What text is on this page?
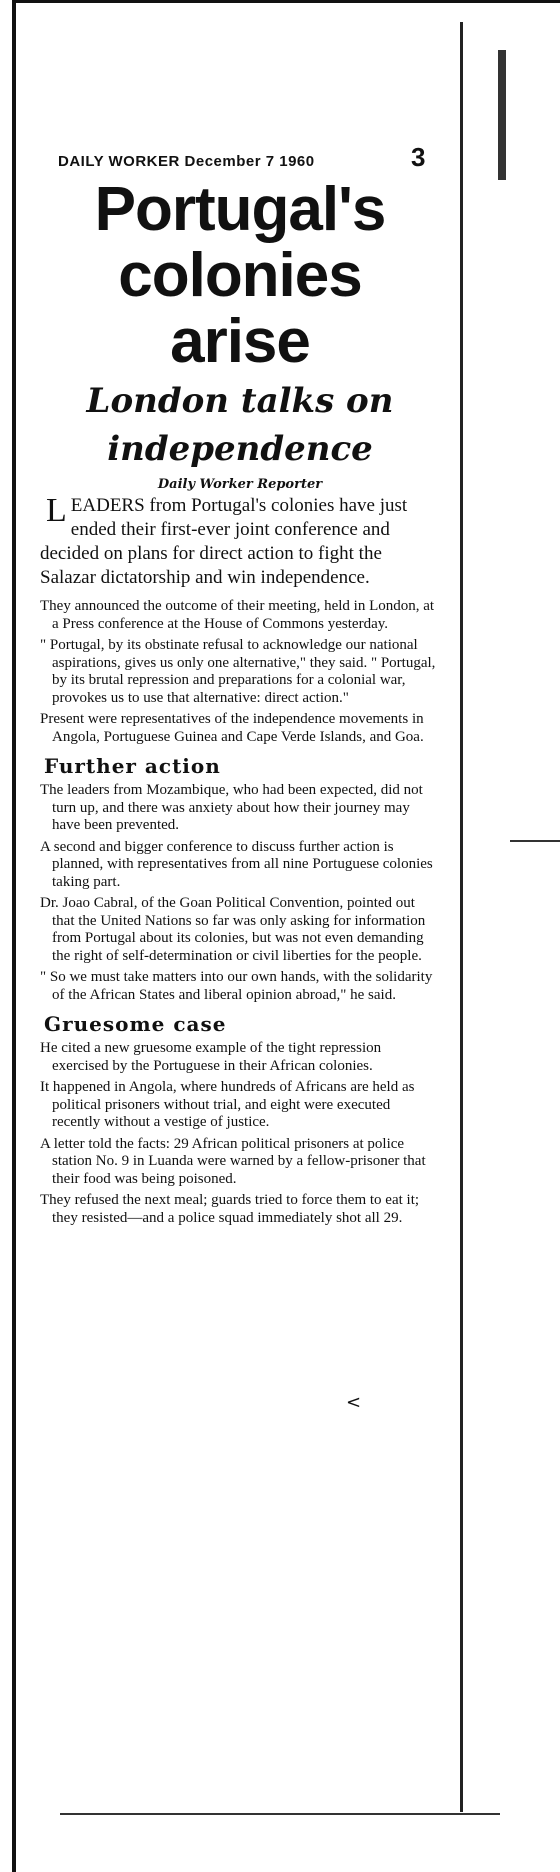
DAILY WORKER December 7 1960	3
Portugal's
colonies
arise
London talks on
independence
Daily Worker Reporter
L EADERS from Portugal's colonies have just ended their first-ever joint conference and decided on plans for direct action to fight the Salazar dictatorship and win independence.
They announced the outcome of their meeting, held in London, at a Press conference at the House of Commons yesterday.
" Portugal, by its obstinate refusal to acknowledge our national aspirations, gives us only one alternative," they said. " Portugal, by its brutal repression and preparations for a colonial war, provokes us to use that alternative: direct action."
Present were representatives of the independence movements in Angola, Portuguese Guinea and Cape Verde Islands, and Goa.
Further action
The leaders from Mozambique, who had been expected, did not turn up, and there was anxiety about how their journey may have been prevented.
A second and bigger conference to discuss further action is planned, with representatives from all nine Portuguese colonies taking part.
Dr. Joao Cabral, of the Goan Political Convention, pointed out that the United Nations so far was only asking for information from Portugal about its colonies, but was not even demanding the right of self-determination or civil liberties for the people.
" So we must take matters into our own hands, with the solidarity of the African States and liberal opinion abroad," he said.
Gruesome case
He cited a new gruesome example of the tight repression exercised by the Portuguese in their African colonies.
It happened in Angola, where hundreds of Africans are held as political prisoners without trial, and eight were executed recently without a vestige of justice.
A letter told the facts: 29 African political prisoners at police station No. 9 in Luanda were warned by a fellow-prisoner that their food was being poisoned.
They refused the next meal; guards tried to force them to eat it; they resisted—and a police squad immediately shot all 29.
<
